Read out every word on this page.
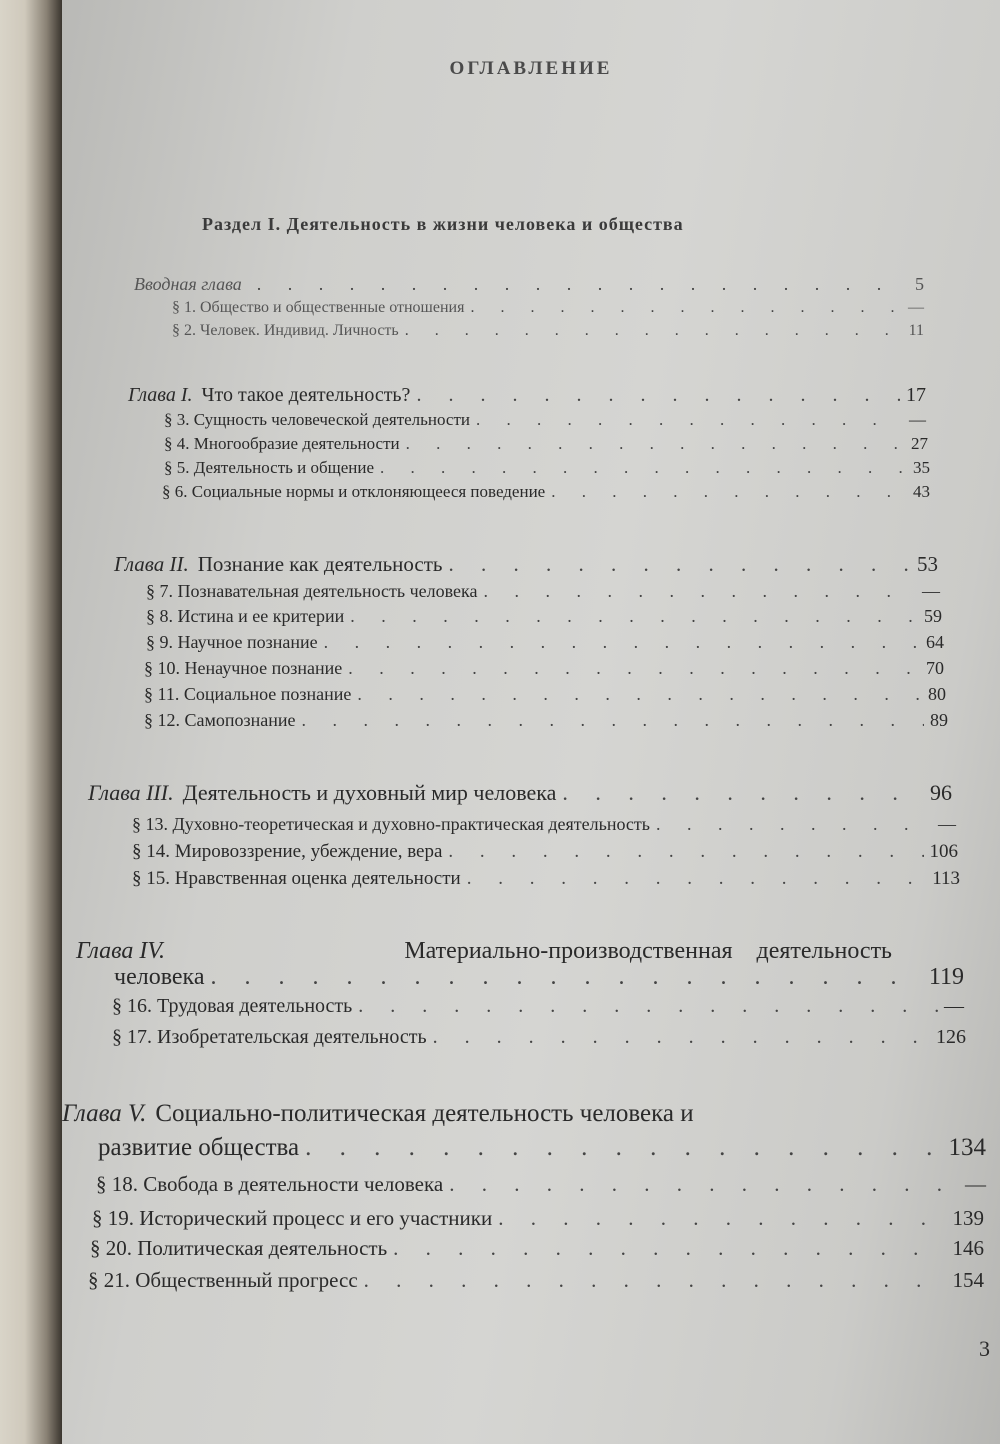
ОГЛАВЛЕНИЕ
Раздел I. Деятельность в жизни человека и общества
Вводная глава . . .	5
§ 1. Общество и общественные отношения . . .	—
§ 2. Человек. Индивид. Личность . . .	11
Глава I. Что такое деятельность? . . .	17
§ 3. Сущность человеческой деятельности . . .	—
§ 4. Многообразие деятельности . . .	27
§ 5. Деятельность и общение . . .	35
§ 6. Социальные нормы и отклоняющееся поведение . . .	43
Глава II. Познание как деятельность . . .	53
§ 7. Познавательная деятельность человека . . .	—
§ 8. Истина и ее критерии . . .	59
§ 9. Научное познание . . .	64
§ 10. Ненаучное познание . . .	70
§ 11. Социальное познание . . .	80
§ 12. Самопознание . . .	89
Глава III. Деятельность и духовный мир человека . . .	96
§ 13. Духовно-теоретическая и духовно-практическая деятельность . . .	—
§ 14. Мировоззрение, убеждение, вера . . .	106
§ 15. Нравственная оценка деятельности . . .	113
Глава IV.	Материально-производственная деятельность
человека . . .	119
§ 16. Трудовая деятельность . . .	—
§ 17. Изобретательская деятельность . . .	126
Глава V. Социально-политическая деятельность человека и
развитие общества . . .	134
§ 18. Свобода в деятельности человека . . .	—
§ 19. Исторический процесс и его участники . . .	139
§ 20. Политическая деятельность . . .	146
§ 21. Общественный прогресс . . .	154
3
